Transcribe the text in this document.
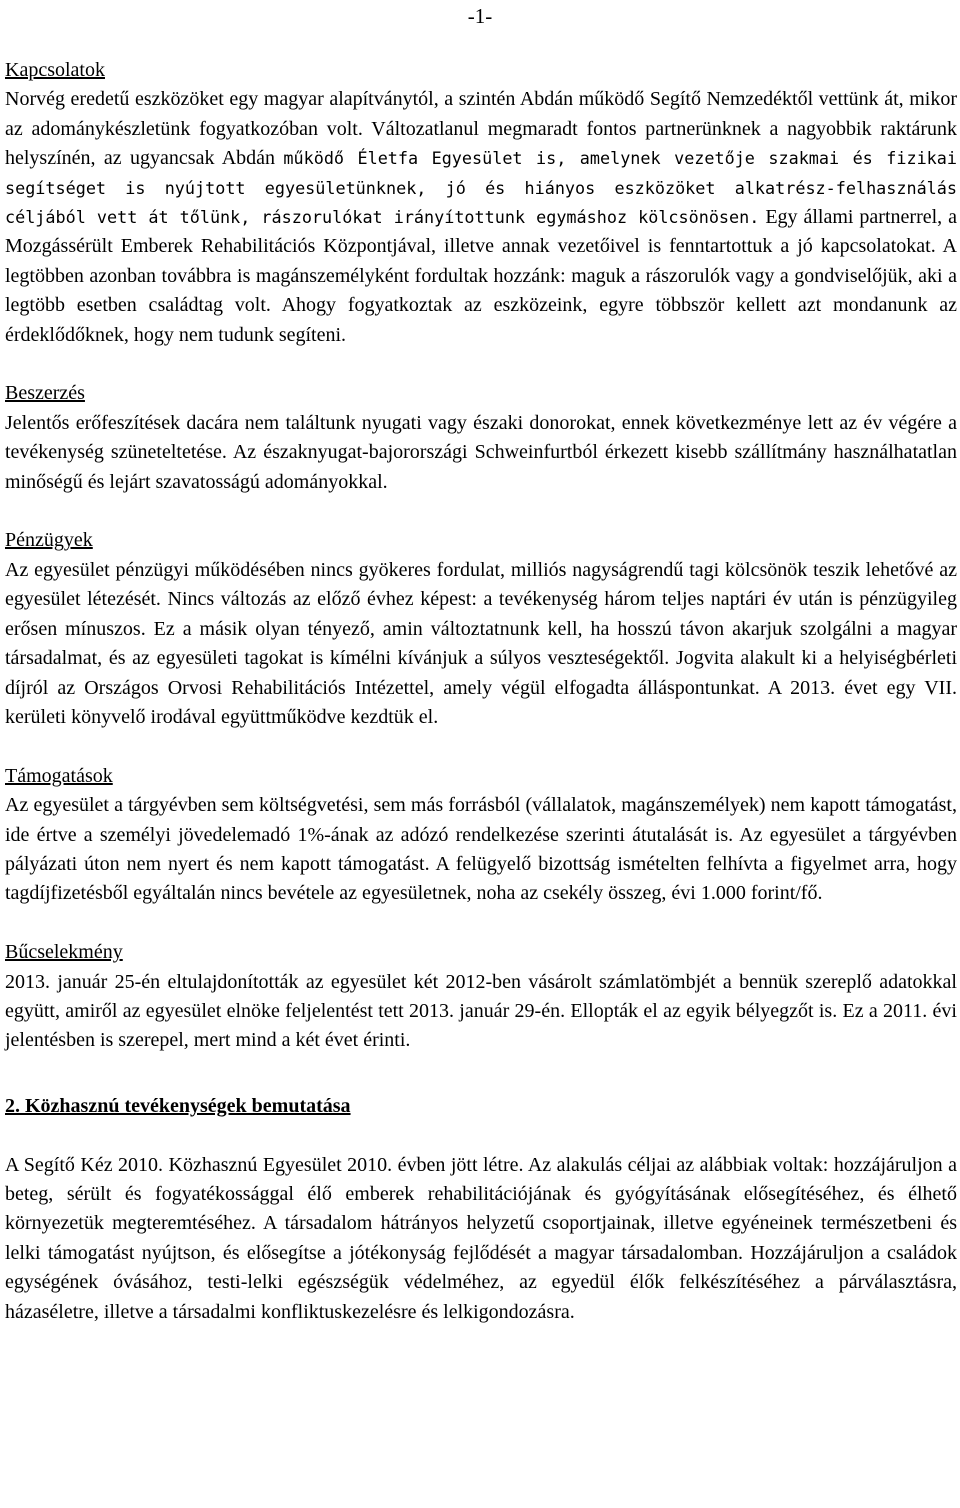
-1-

Kapcsolatok

Norvég eredetű eszközöket egy magyar alapítványtól, a szintén Abdán működő Segítő Nemzedéktől vettünk át, mikor az adománykészletünk fogyatkozóban volt. Változatlanul megmaradt fontos partnerünknek a nagyobbik raktárunk helyszínén, az ugyancsak Abdán működő Életfa Egyesület is, amelynek vezetője szakmai és fizikai segítséget is nyújtott egyesületünknek, jó és hiányos eszközöket alkatrész-felhasználás céljából vett át tőlünk, rászorulókat irányítottunk egymáshoz kölcsönösen. Egy állami partnerrel, a Mozgássérült Emberek Rehabilitációs Központjával, illetve annak vezetőivel is fenntartottuk a jó kapcsolatokat. A legtöbben azonban továbbra is magánszemélyként fordultak hozzánk: maguk a rászorulók vagy a gondviselőjük, aki a legtöbb esetben családtag volt. Ahogy fogyatkoztak az eszközeink, egyre többször kellett azt mondanunk az érdeklődőknek, hogy nem tudunk segíteni.

Beszerzés

Jelentős erőfeszítések dacára nem találtunk nyugati vagy északi donorokat, ennek következménye lett az év végére a tevékenység szüneteltetése. Az északnyugat-bajorországi Schweinfurtból érkezett kisebb szállítmány használhatatlan minőségű és lejárt szavatosságú adományokkal.

Pénzügyek

Az egyesület pénzügyi működésében nincs gyökeres fordulat, milliós nagyságrendű tagi kölcsönök teszik lehetővé az egyesület létezését. Nincs változás az előző évhez képest: a tevékenység három teljes naptári év után is pénzügyileg erősen mínuszos. Ez a másik olyan tényező, amin változtatnunk kell, ha hosszú távon akarjuk szolgálni a magyar társadalmat, és az egyesületi tagokat is kímélni kívánjuk a súlyos veszteségektől. Jogvita alakult ki a helyiségbérleti díjról az Országos Orvosi Rehabilitációs Intézettel, amely végül elfogadta álláspontunkat. A 2013. évet egy VII. kerületi könyvelő irodával együttműködve kezdtük el.

Támogatások

Az egyesület a tárgyévben sem költségvetési, sem más forrásból (vállalatok, magánszemélyek) nem kapott támogatást, ide értve a személyi jövedelemadó 1%-ának az adózó rendelkezése szerinti átutalását is. Az egyesület a tárgyévben pályázati úton nem nyert és nem kapott támogatást. A felügyelő bizottság ismételten felhívta a figyelmet arra, hogy tagdíjfizetésből egyáltalán nincs bevétele az egyesületnek, noha az csekély összeg, évi 1.000 forint/fő.

Bűcselekmény

2013. január 25-én eltulajdonították az egyesület két 2012-ben vásárolt számlatömbjét a bennük szereplő adatokkal együtt, amiről az egyesület elnöke feljelentést tett 2013. január 29-én. Ellopták el az egyik bélyegzőt is. Ez a 2011. évi jelentésben is szerepel, mert mind a két évet érinti.

2. Közhasznú tevékenységek bemutatása

A Segítő Kéz 2010. Közhasznú Egyesület 2010. évben jött létre. Az alakulás céljai az alábbiak voltak: hozzájáruljon a beteg, sérült és fogyatékossággal élő emberek rehabilitációjának és gyógyításának elősegítéséhez, és élhető környezetük megteremtéséhez. A társadalom hátrányos helyzetű csoportjainak, illetve egyéneinek természetbeni és lelki támogatást nyújtson, és elősegítse a jótékonyság fejlődését a magyar társadalomban. Hozzájáruljon a családok egységének óvásához, testi-lelki egészségük védelméhez, az egyedül élők felkészítéséhez a párválasztásra, házaséletre, illetve a társadalmi konfliktuskezelésre és lelkigondozásra.
